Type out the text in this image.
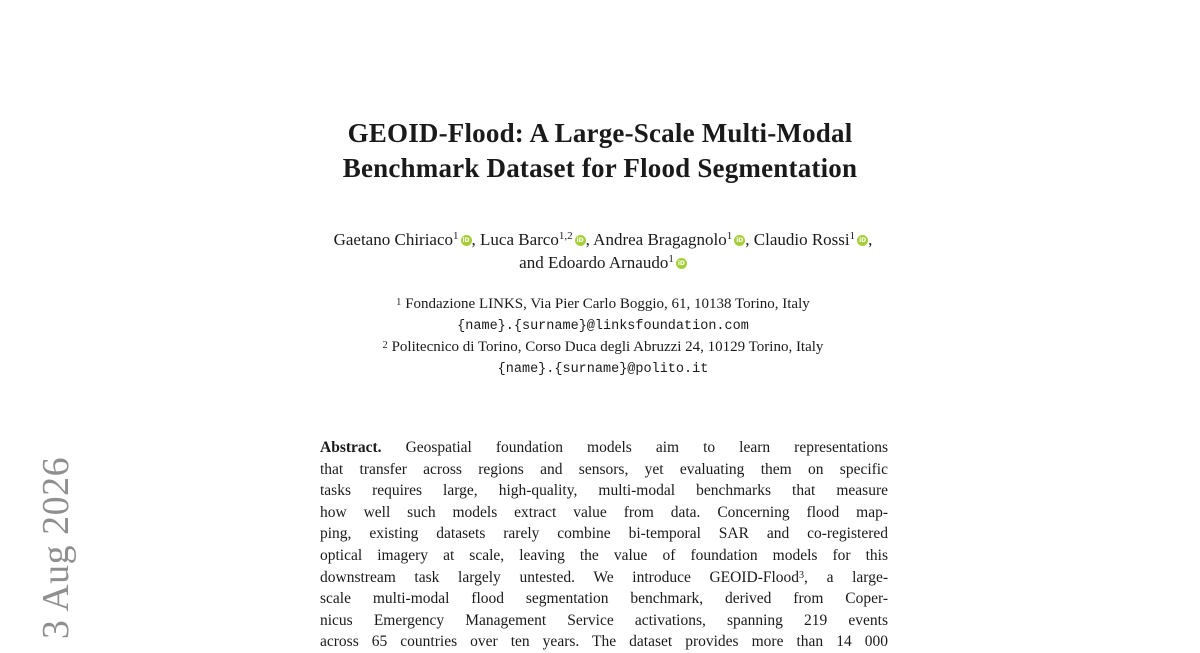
3 Aug 2026
GEOID-Flood: A Large-Scale Multi-Modal
Benchmark Dataset for Flood Segmentation
Gaetano Chiriaco$^1$ iD , Luca Barco$^{1,2}$ iD , Andrea Bragagnolo$^1$ iD , Claudio Rossi$^1$ iD ,
and Edoardo Arnaudo$^1$ iD
$^1$ Fondazione LINKS, Via Pier Carlo Boggio, 61, 10138 Torino, Italy
{name}.{surname}@linksfoundation.com
$^2$ Politecnico di Torino, Corso Duca degli Abruzzi 24, 10129 Torino, Italy
{name}.{surname}@polito.it
Abstract. Geospatial foundation models aim to learn representations
that transfer across regions and sensors, yet evaluating them on specific
tasks requires large, high-quality, multi-modal benchmarks that measure
how well such models extract value from data. Concerning flood map-
ping, existing datasets rarely combine bi-temporal SAR and co-registered
optical imagery at scale, leaving the value of foundation models for this
downstream task largely untested. We introduce GEOID-Flood$^3$, a large-
scale multi-modal flood segmentation benchmark, derived from Coper-
nicus Emergency Management Service activations, spanning 219 events
across 65 countries over ten years. The dataset provides more than 14 000
